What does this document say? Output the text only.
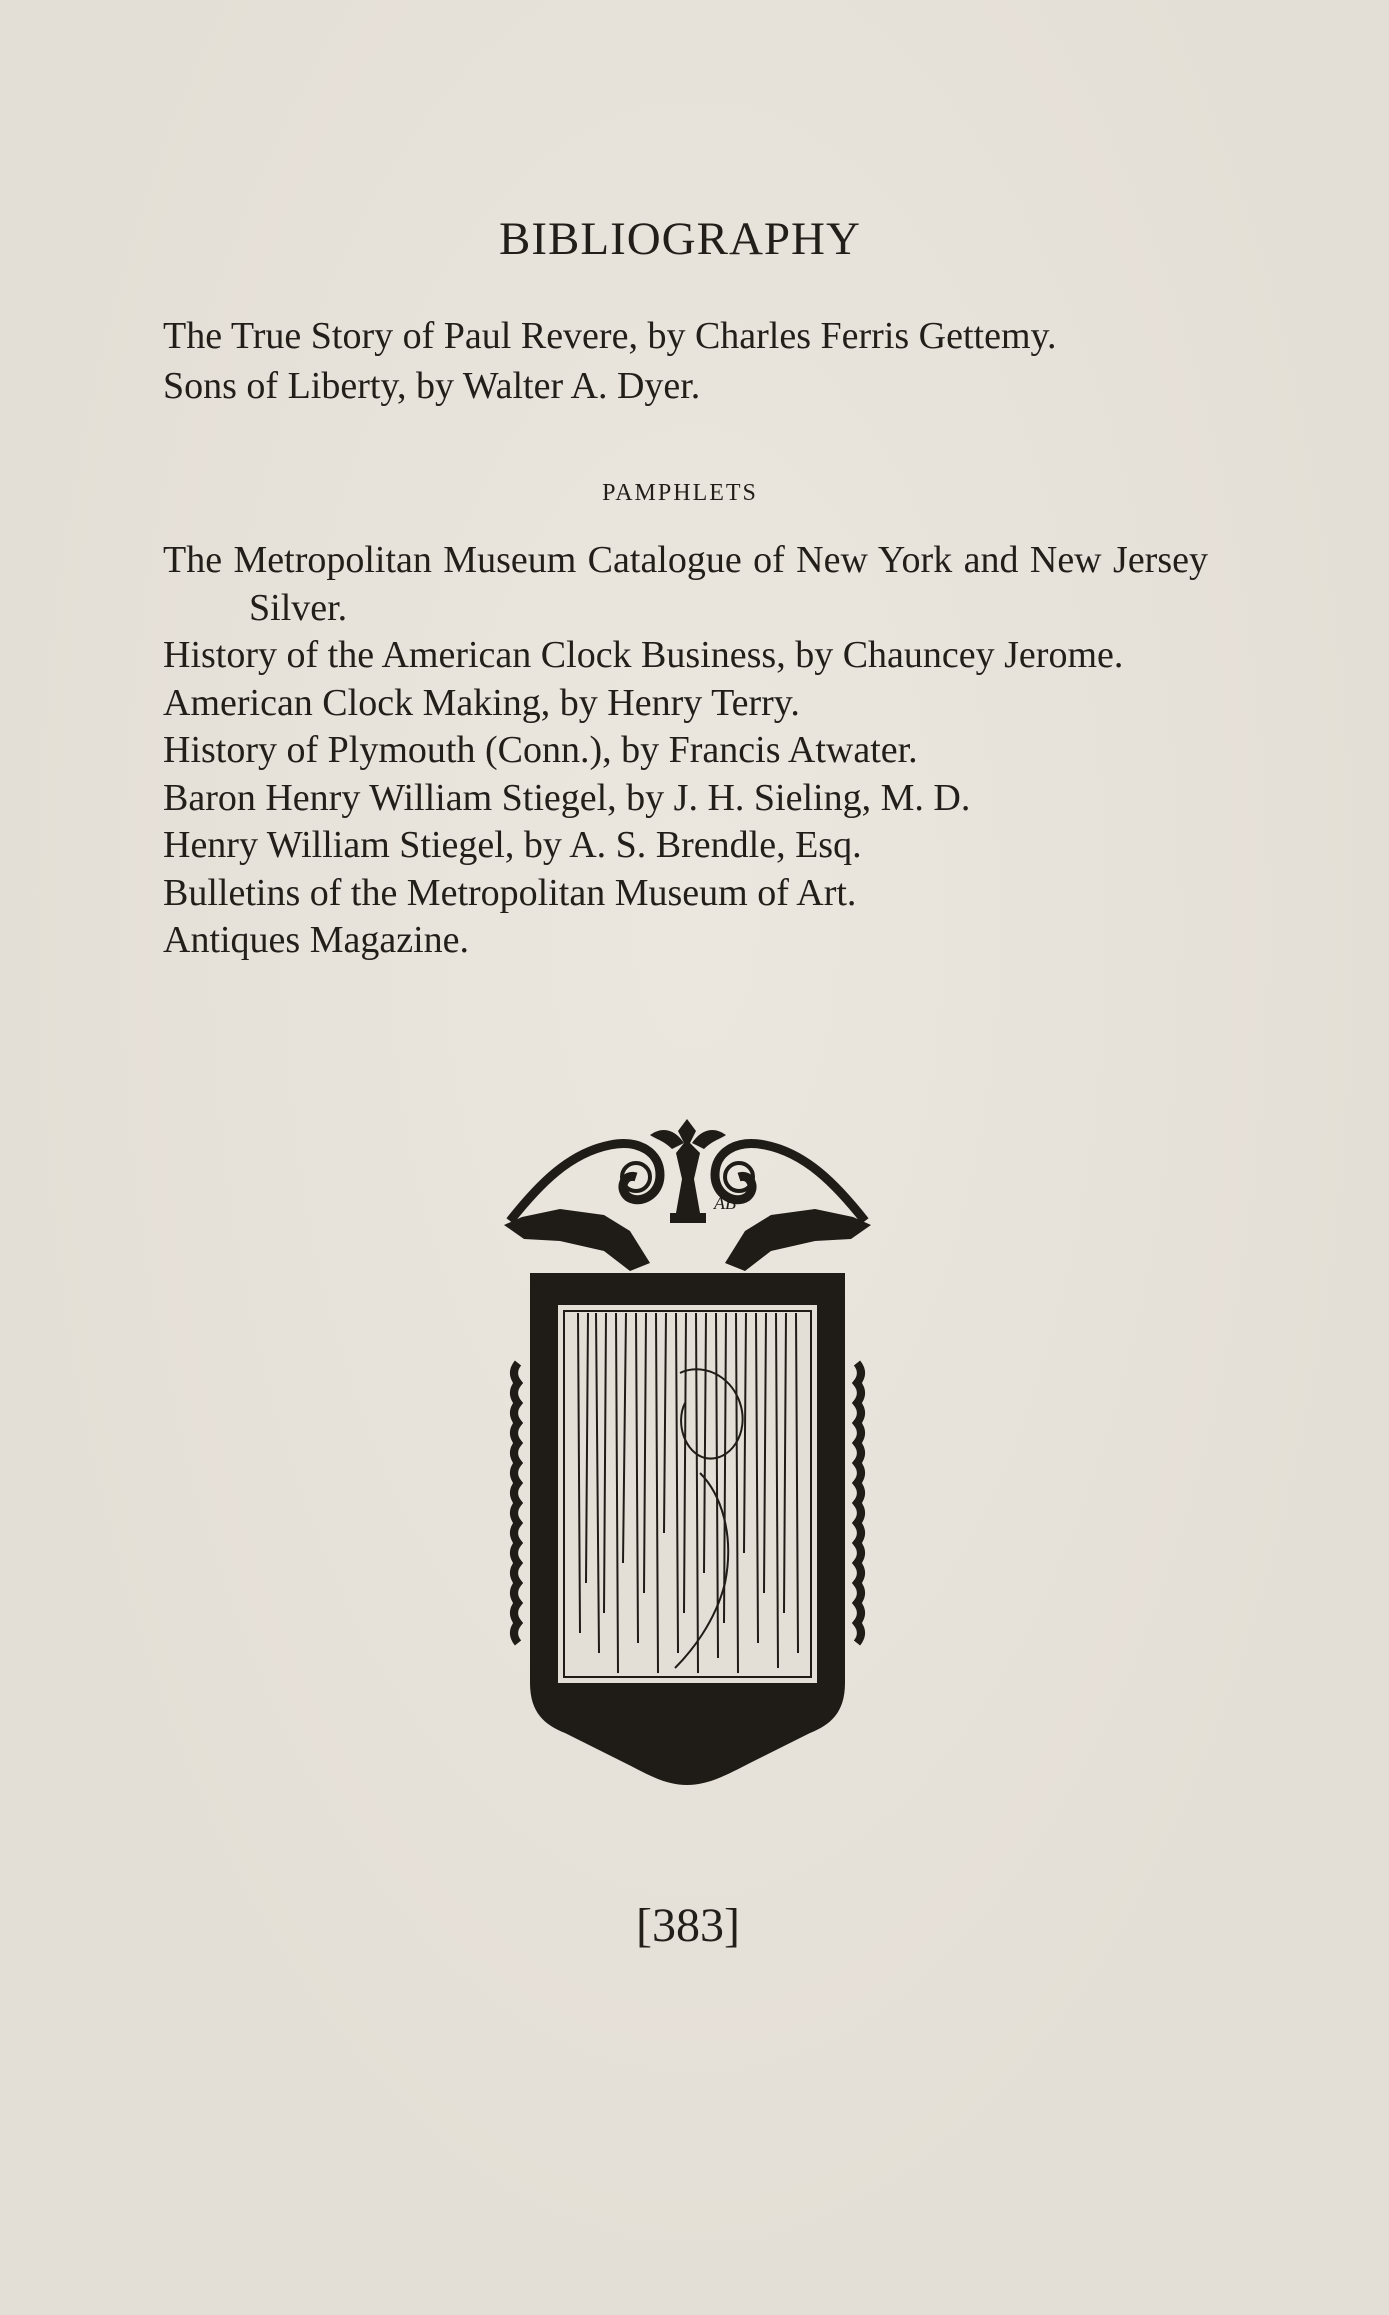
BIBLIOGRAPHY

The True Story of Paul Revere, by Charles Ferris Gettemy.

Sons of Liberty, by Walter A. Dyer.

PAMPHLETS

The Metropolitan Museum Catalogue of New York and New Jersey Silver.

History of the American Clock Business, by Chauncey Jerome.

American Clock Making, by Henry Terry.

History of Plymouth (Conn.), by Francis Atwater.

Baron Henry William Stiegel, by J. H. Sieling, M. D.

Henry William Stiegel, by A. S. Brendle, Esq.

Bulletins of the Metropolitan Museum of Art.

Antiques Magazine.

AB
[383]
